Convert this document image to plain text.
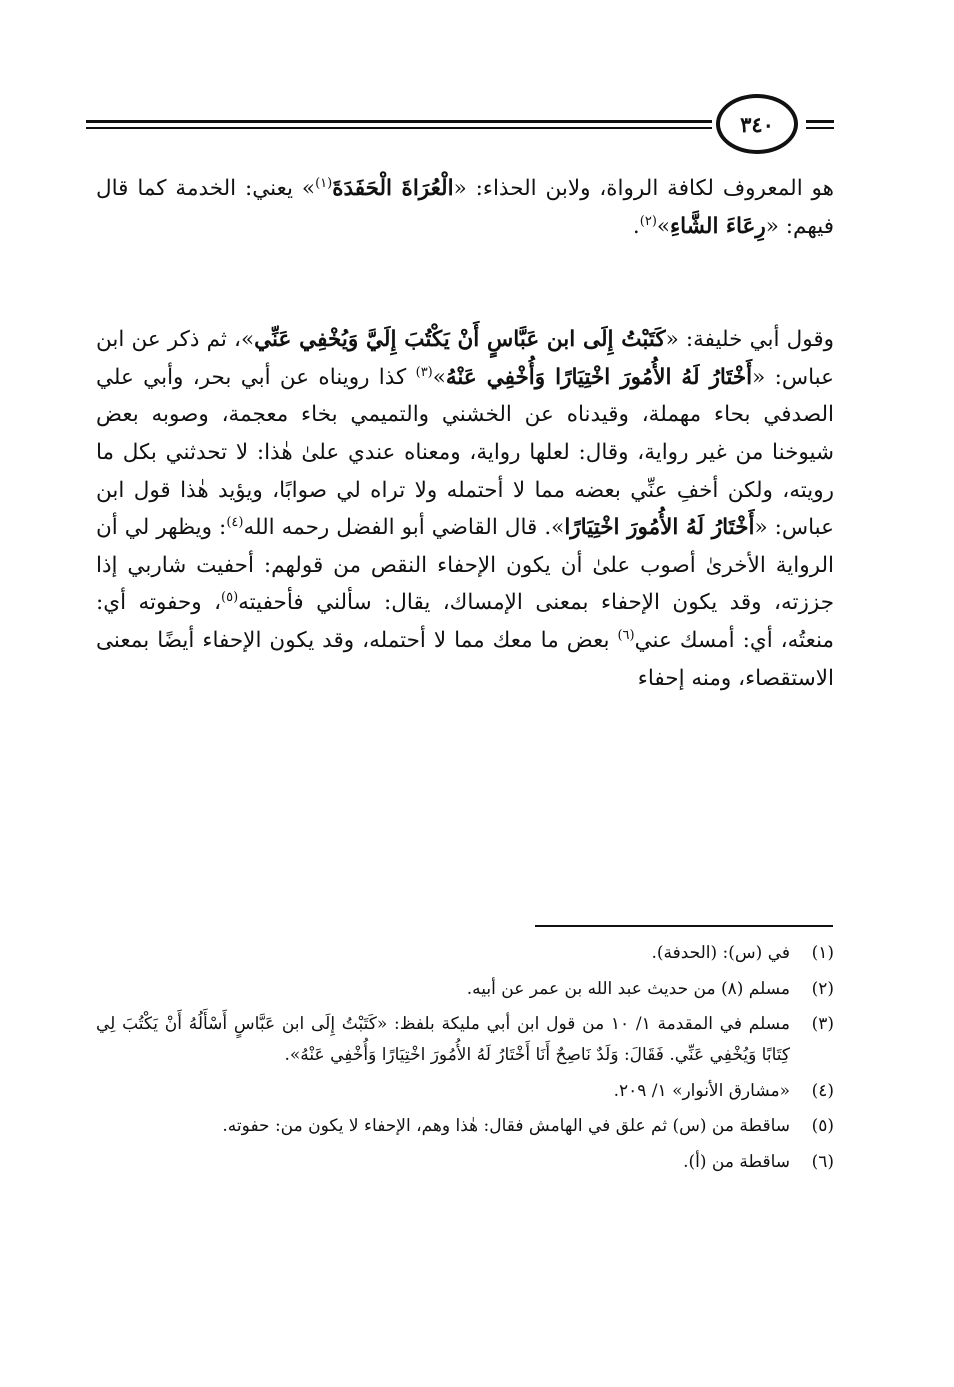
٣٤٠

هو المعروف لكافة الرواة، ولابن الحذاء: «الْعُرَاةَ الْحَفَدَةَ$^{(١)}$» يعني: الخدمة كما قال فيهم: «رِعَاءَ الشَّاءِ»$^{(٢)}$.

وقول أبي خليفة: «كَتَبْتُ إِلَى ابن عَبَّاسٍ أَنْ يَكْتُبَ إِلَيَّ وَيُخْفِي عَنِّي»، ثم ذكر عن ابن عباس: «أَخْتَارُ لَهُ الأُمُورَ اخْتِيَارًا وَأُخْفِي عَنْهُ»$^{(٣)}$ كذا رويناه عن أبي بحر، وأبي علي الصدفي بحاء مهملة، وقيدناه عن الخشني والتميمي بخاء معجمة، وصوبه بعض شيوخنا من غير رواية، وقال: لعلها رواية، ومعناه عندي علىٰ هٰذا: لا تحدثني بكل ما رويته، ولكن أخفِ عنِّي بعضه مما لا أحتمله ولا تراه لي صوابًا، ويؤيد هٰذا قول ابن عباس: «أَخْتَارُ لَهُ الأُمُورَ اخْتِيَارًا». قال القاضي أبو الفضل رحمه الله$^{(٤)}$: ويظهر لي أن الرواية الأخرىٰ أصوب علىٰ أن يكون الإحفاء النقص من قولهم: أحفيت شاربي إذا جززته، وقد يكون الإحفاء بمعنى الإمساك، يقال: سألني فأحفيته$^{(٥)}$، وحفوته أي: منعتُه، أي: أمسك عني$^{(٦)}$ بعض ما معك مما لا أحتمله، وقد يكون الإحفاء أيضًا بمعنى الاستقصاء، ومنه إحفاء

(١)
في (س): (الحدفة).
(٢)
مسلم (٨) من حديث عبد الله بن عمر عن أبيه.
(٣)
مسلم في المقدمة ١/ ١٠ من قول ابن أبي مليكة بلفظ: «كَتَبْتُ إِلَى ابن عَبَّاسٍ أَسْأَلُهُ أَنْ يَكْتُبَ لِي كِتَابًا وَيُخْفِي عَنِّي. فَقَالَ: وَلَدٌ نَاصِحٌ أَنَا أَخْتَارُ لَهُ الأُمُورَ اخْتِيَارًا وَأُخْفِي عَنْهُ».
(٤)
«مشارق الأنوار» ١/ ٢٠٩.
(٥)
ساقطة من (س) ثم علق في الهامش فقال: هٰذا وهم، الإحفاء لا يكون من: حفوته.
(٦)
ساقطة من (أ).
